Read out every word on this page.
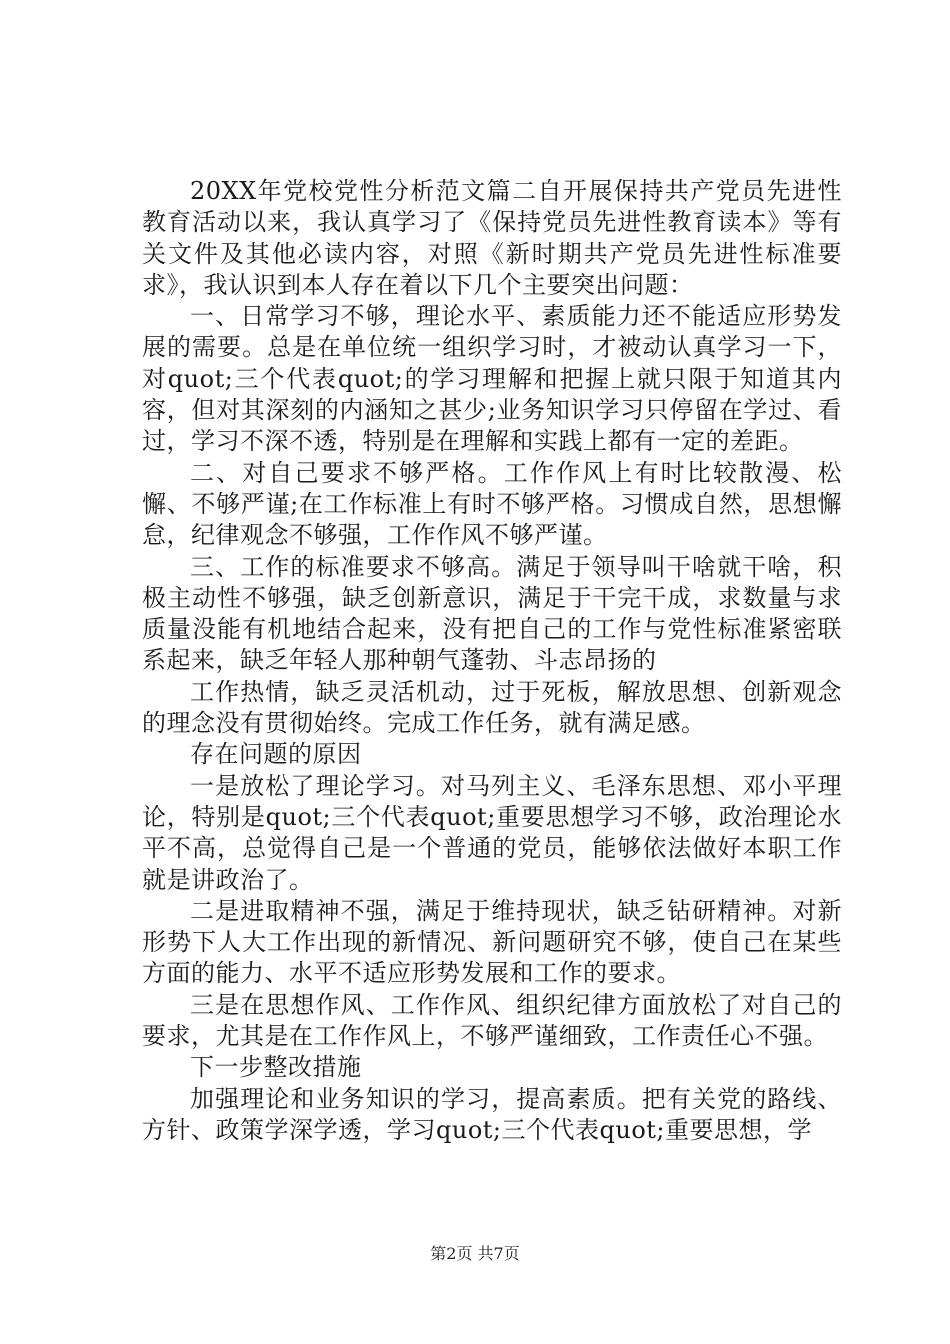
20XX年党校党性分析范文篇二自开展保持共产党员先进性教育活动以来，我认真学习了《保持党员先进性教育读本》等有关文件及其他必读内容，对照《新时期共产党员先进性标准要求》，我认识到本人存在着以下几个主要突出问题：

一、日常学习不够，理论水平、素质能力还不能适应形势发展的需要。总是在单位统一组织学习时，才被动认真学习一下，对quot;三个代表quot;的学习理解和把握上就只限于知道其内容，但对其深刻的内涵知之甚少;业务知识学习只停留在学过、看过，学习不深不透，特别是在理解和实践上都有一定的差距。

二、对自己要求不够严格。工作作风上有时比较散漫、松懈、不够严谨;在工作标准上有时不够严格。习惯成自然，思想懈怠，纪律观念不够强，工作作风不够严谨。

三、工作的标准要求不够高。满足于领导叫干啥就干啥，积极主动性不够强，缺乏创新意识，满足于干完干成，求数量与求质量没能有机地结合起来，没有把自己的工作与党性标准紧密联系起来，缺乏年轻人那种朝气蓬勃、斗志昂扬的

工作热情，缺乏灵活机动，过于死板，解放思想、创新观念的理念没有贯彻始终。完成工作任务，就有满足感。

存在问题的原因

一是放松了理论学习。对马列主义、毛泽东思想、邓小平理论，特别是quot;三个代表quot;重要思想学习不够，政治理论水平不高，总觉得自己是一个普通的党员，能够依法做好本职工作就是讲政治了。

二是进取精神不强，满足于维持现状，缺乏钻研精神。对新形势下人大工作出现的新情况、新问题研究不够，使自己在某些方面的能力、水平不适应形势发展和工作的要求。

三是在思想作风、工作作风、组织纪律方面放松了对自己的要求，尤其是在工作作风上，不够严谨细致，工作责任心不强。

下一步整改措施

加强理论和业务知识的学习，提高素质。把有关党的路线、方针、政策学深学透，学习quot;三个代表quot;重要思想，学

第2页 共7页
